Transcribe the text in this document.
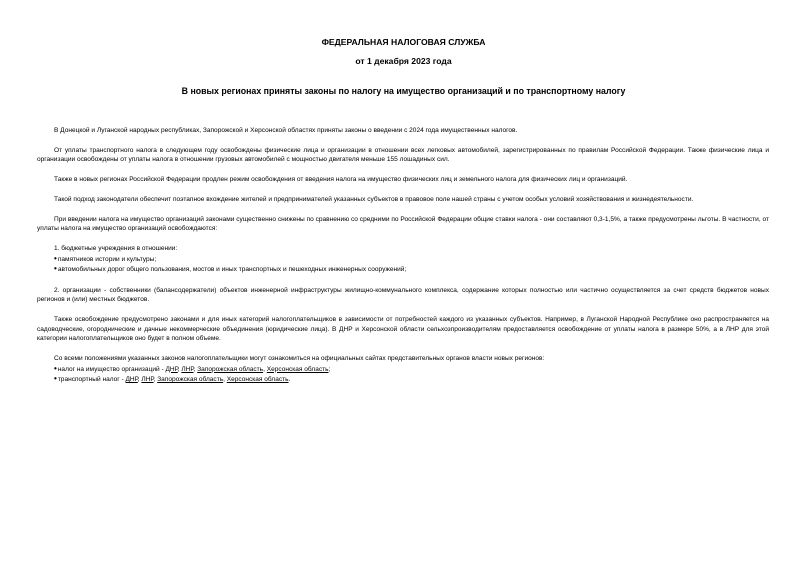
ФЕДЕРАЛЬНАЯ НАЛОГОВАЯ СЛУЖБА
от 1 декабря 2023 года
В новых регионах приняты законы по налогу на имущество организаций и по транспортному налогу

В Донецкой и Луганской народных республиках, Запорожской и Херсонской областях приняты законы о введении с 2024 года имущественных налогов.

От уплаты транспортного налога в следующем году освобождены физические лица и организации в отношении всех легковых автомобилей, зарегистрированных по правилам Российской Федерации. Также физические лица и организации освобождены от уплаты налога в отношении грузовых автомобилей с мощностью двигателя меньше 155 лошадиных сил.

Также в новых регионах Российской Федерации продлен режим освобождения от введения налога на имущество физических лиц и земельного налога для физических лиц и организаций.

Такой подход законодатели обеспечит поэтапное вхождение жителей и предпринимателей указанных субъектов в правовое поле нашей страны с учетом особых условий хозяйствования и жизнедеятельности.

При введении налога на имущество организаций законами существенно снижены по сравнению со средними по Российской Федерации общие ставки налога - они составляют 0,3-1,5%, а также предусмотрены льготы. В частности, от уплаты налога на имущество организаций освобождаются:

1. бюджетные учреждения в отношении:

•памятников истории и культуры;

•автомобильных дорог общего пользования, мостов и иных транспортных и пешеходных инженерных сооружений;

2. организации - собственники (балансодержатели) объектов инженерной инфраструктуры жилищно-коммунального комплекса, содержание которых полностью или частично осуществляется за счет средств бюджетов новых регионов и (или) местных бюджетов.

Также освобождение предусмотрено законами и для иных категорий налогоплательщиков в зависимости от потребностей каждого из указанных субъектов. Например, в Луганской Народной Республике оно распространяется на садоводческие, огороднические и дачные некоммерческие объединения (юридические лица). В ДНР и Херсонской области сельхозпроизводителям предоставляется освобождение от уплаты налога в размере 50%, а в ЛНР для этой категории налогоплательщиков оно будет в полном объеме.

Со всеми положениями указанных законов налогоплательщики могут ознакомиться на официальных сайтах представительных органов власти новых регионов:

•налог на имущество организаций - ДНР, ЛНР, Запорожская область, Херсонская область;

•транспортный налог - ДНР, ЛНР, Запорожская область, Херсонская область.
